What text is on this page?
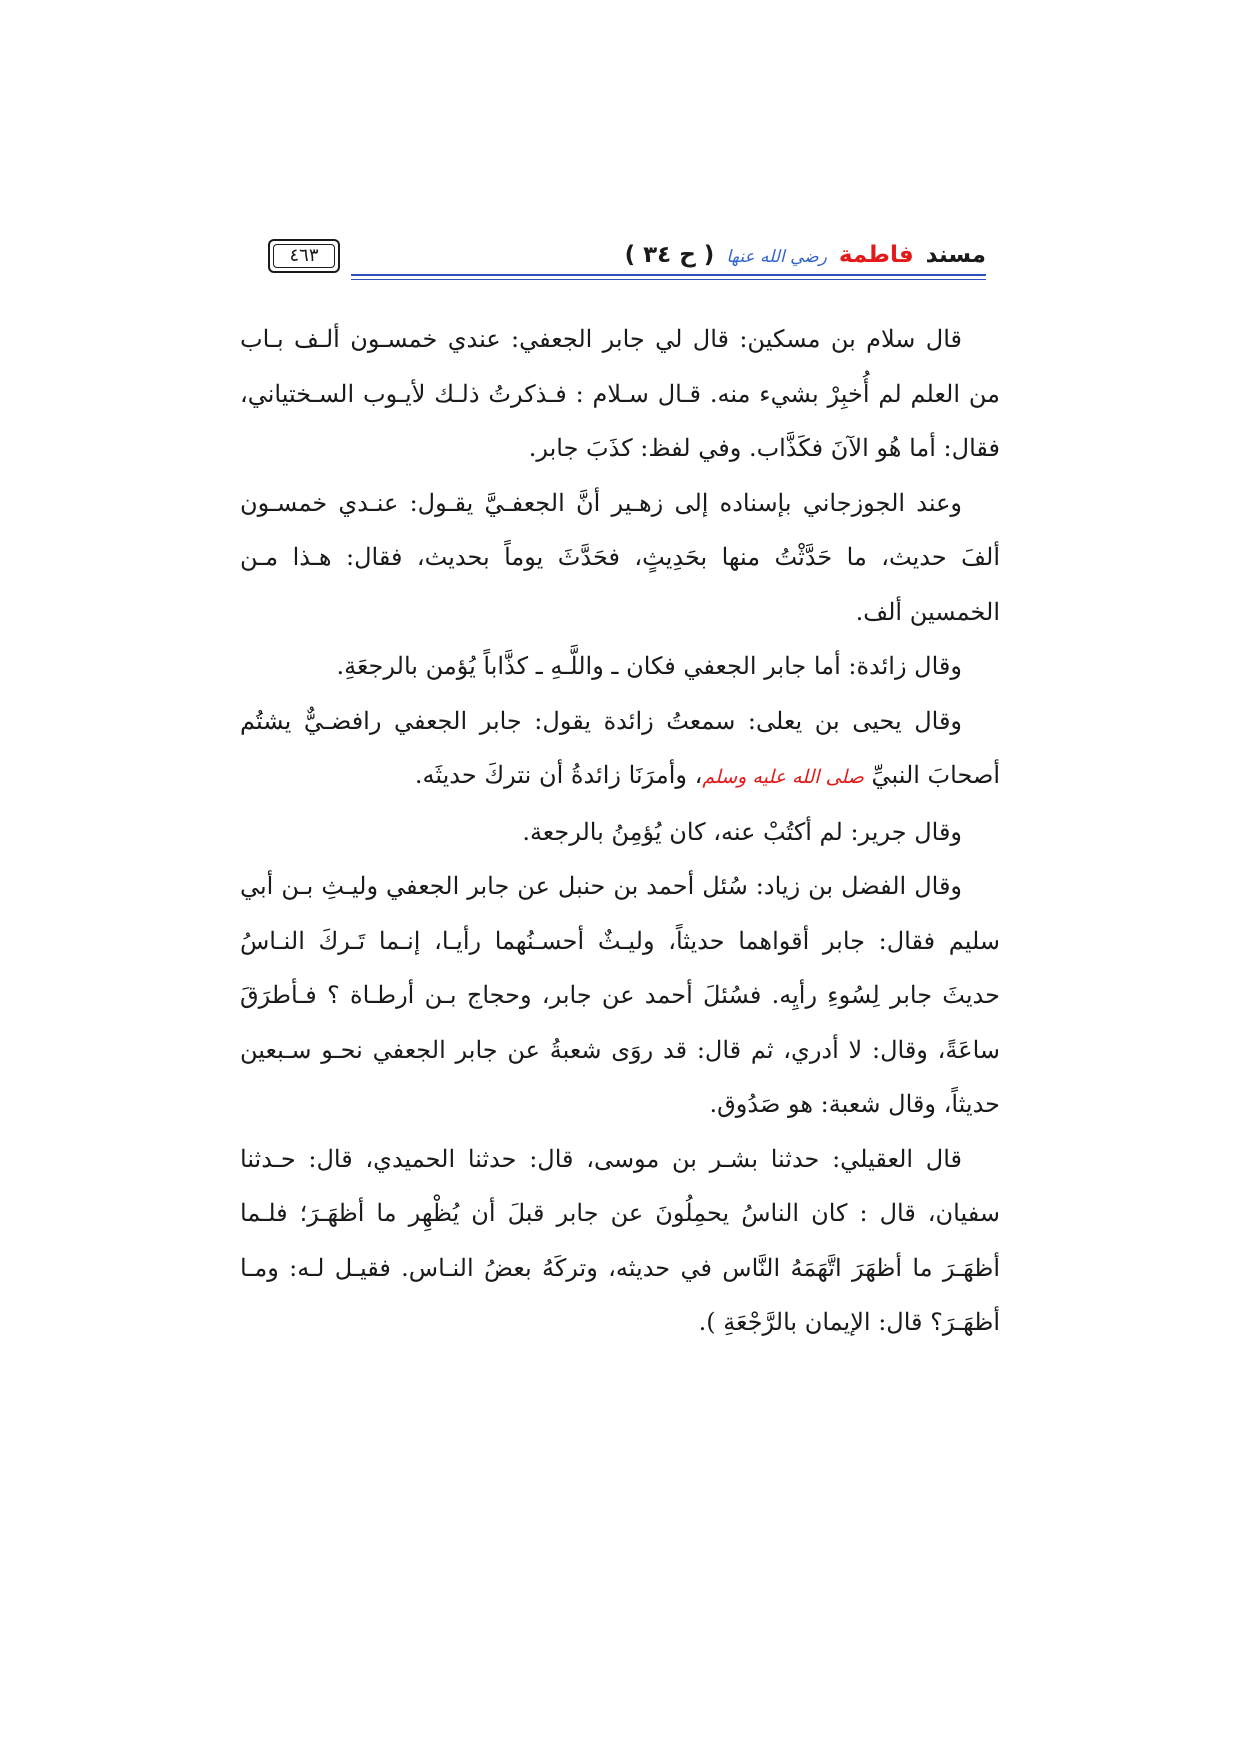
مسند فاطمة رضي الله عنها ( ح ٣٤ )
٤٦٣

قال سلام بن مسكين: قال لي جابر الجعفي: عندي خمسـون ألـف بـاب من العلم لم أُخبِرْ بشيء منه. قـال سـلام : فـذكرتُ ذلـك لأيـوب السـختياني، فقال: أما هُو الآنَ فكَذَّاب. وفي لفظ: كذَبَ جابر.

وعند الجوزجاني بإسناده إلى زهـير أنَّ الجعفـيَّ يقـول: عنـدي خمسـون ألفَ حديث، ما حَدَّثْتُ منها بحَدِيثٍ، فحَدَّثَ يوماً بحديث، فقال: هـذا مـن الخمسين ألف.

وقال زائدة: أما جابر الجعفي فكان ـ واللَّـهِ ـ كذَّاباً يُؤمن بالرجعَةِ.

وقال يحيى بن يعلى: سمعتُ زائدة يقول: جابر الجعفي رافضـيٌّ يشتُم أصحابَ النبيِّ صلى الله عليه وسلم، وأمرَنَا زائدةُ أن نتركَ حديثَه.

وقال جرير: لم أكتُبْ عنه، كان يُؤمِنُ بالرجعة.

وقال الفضل بن زياد: سُئل أحمد بن حنبل عن جابر الجعفي وليـثِ بـن أبي سليم فقال: جابر أقواهما حديثاً، وليـثٌ أحسـنُهما رأيـا، إنـما تَـركَ النـاسُ حديثَ جابر لِسُوءِ رأيِه. فسُئلَ أحمد عن جابر، وحجاج بـن أرطـاة ؟ فـأطرَقَ ساعَةً، وقال: لا أدري، ثم قال: قد روَى شعبةُ عن جابر الجعفي نحـو سـبعين حديثاً، وقال شعبة: هو صَدُوق.

قال العقيلي: حدثنا بشـر بن موسى، قال: حدثنا الحميدي، قال: حـدثنا سفيان، قال : كان الناسُ يحمِلُونَ عن جابر قبلَ أن يُظْهِر ما أظهَـرَ؛ فلـما أظهَـرَ ما أظهَرَ اتَّهَمَهُ النَّاس في حديثه، وتركَهُ بعضُ النـاس. فقيـل لـه: ومـا أظهَـرَ؟ قال: الإيمان بالرَّجْعَةِ ).
